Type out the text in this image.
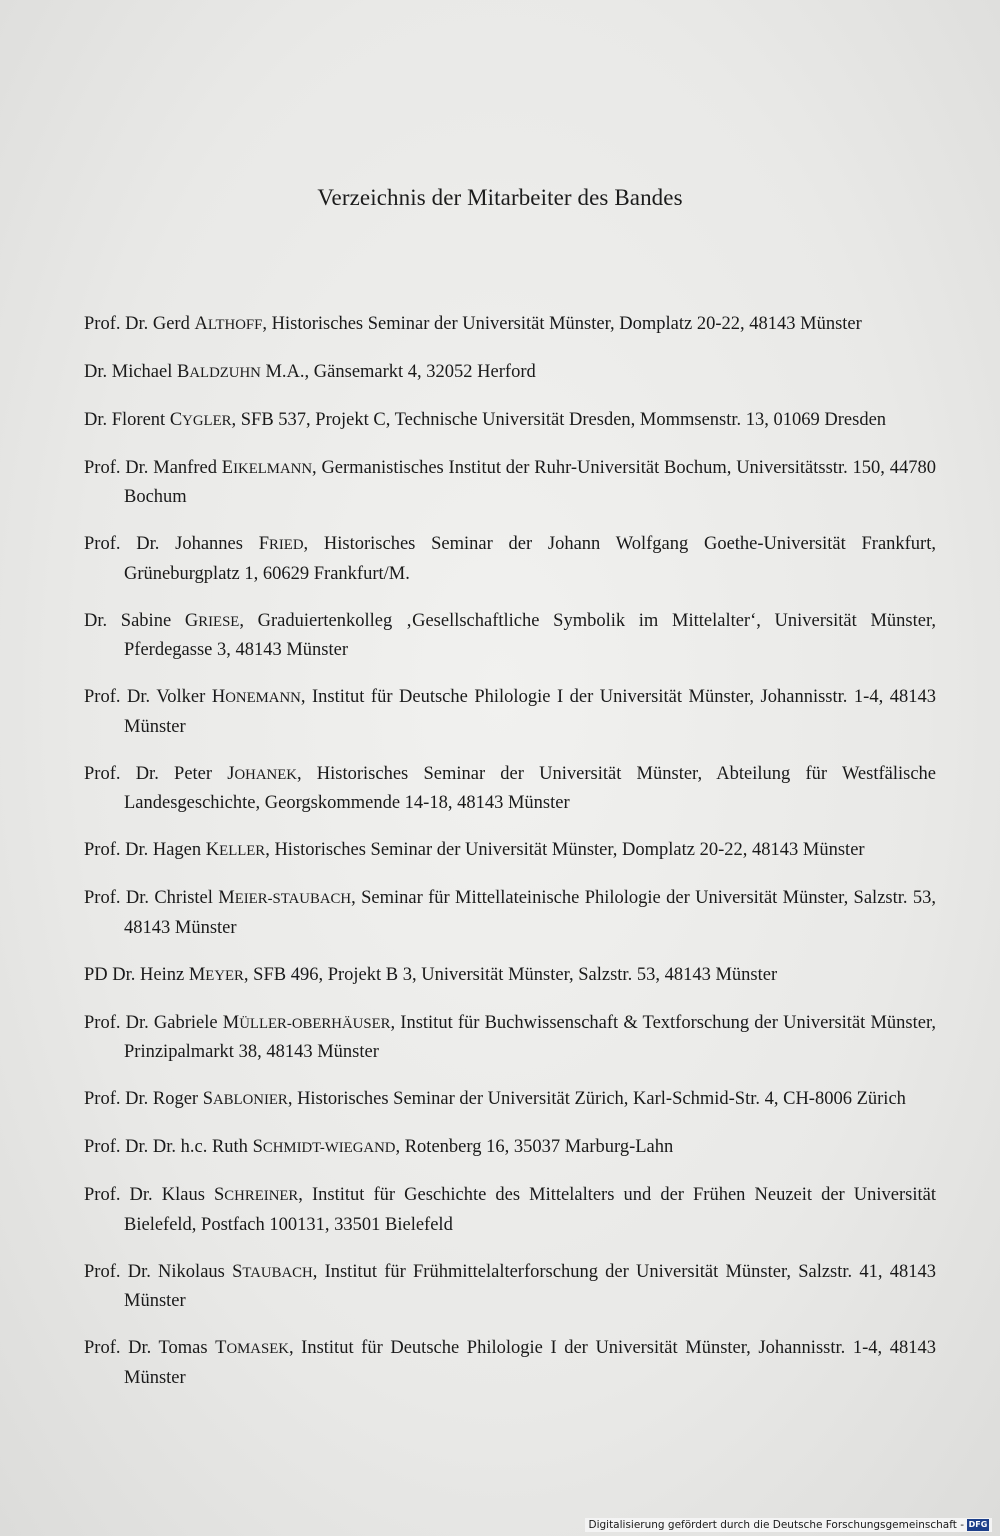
Verzeichnis der Mitarbeiter des Bandes

Prof. Dr. Gerd ALTHOFF, Historisches Seminar der Universität Münster, Domplatz 20-22, 48143 Münster

Dr. Michael BALDZUHN M.A., Gänsemarkt 4, 32052 Herford

Dr. Florent CYGLER, SFB 537, Projekt C, Technische Universität Dresden, Mommsenstr. 13, 01069 Dresden

Prof. Dr. Manfred EIKELMANN, Germanistisches Institut der Ruhr-Universität Bochum, Universitätsstr. 150, 44780 Bochum

Prof. Dr. Johannes FRIED, Historisches Seminar der Johann Wolfgang Goethe-Universität Frankfurt, Grüneburgplatz 1, 60629 Frankfurt/M.

Dr. Sabine GRIESE, Graduiertenkolleg ‚Gesellschaftliche Symbolik im Mittelalter‘, Universität Münster, Pferdegasse 3, 48143 Münster

Prof. Dr. Volker HONEMANN, Institut für Deutsche Philologie I der Universität Münster, Johannisstr. 1-4, 48143 Münster

Prof. Dr. Peter JOHANEK, Historisches Seminar der Universität Münster, Abteilung für Westfälische Landesgeschichte, Georgskommende 14-18, 48143 Münster

Prof. Dr. Hagen KELLER, Historisches Seminar der Universität Münster, Domplatz 20-22, 48143 Münster

Prof. Dr. Christel MEIER-STAUBACH, Seminar für Mittellateinische Philologie der Universität Münster, Salzstr. 53, 48143 Münster

PD Dr. Heinz MEYER, SFB 496, Projekt B 3, Universität Münster, Salzstr. 53, 48143 Münster

Prof. Dr. Gabriele MÜLLER-OBERHÄUSER, Institut für Buchwissenschaft & Textforschung der Universität Münster, Prinzipalmarkt 38, 48143 Münster

Prof. Dr. Roger SABLONIER, Historisches Seminar der Universität Zürich, Karl-Schmid-Str. 4, CH-8006 Zürich

Prof. Dr. Dr. h.c. Ruth SCHMIDT-WIEGAND, Rotenberg 16, 35037 Marburg-Lahn

Prof. Dr. Klaus SCHREINER, Institut für Geschichte des Mittelalters und der Frühen Neuzeit der Universität Bielefeld, Postfach 100131, 33501 Bielefeld

Prof. Dr. Nikolaus STAUBACH, Institut für Frühmittelalterforschung der Universität Münster, Salzstr. 41, 48143 Münster

Prof. Dr. Tomas TOMASEK, Institut für Deutsche Philologie I der Universität Münster, Johannisstr. 1-4, 48143 Münster

Digitalisierung gefördert durch die Deutsche Forschungsgemeinschaft - DFG
